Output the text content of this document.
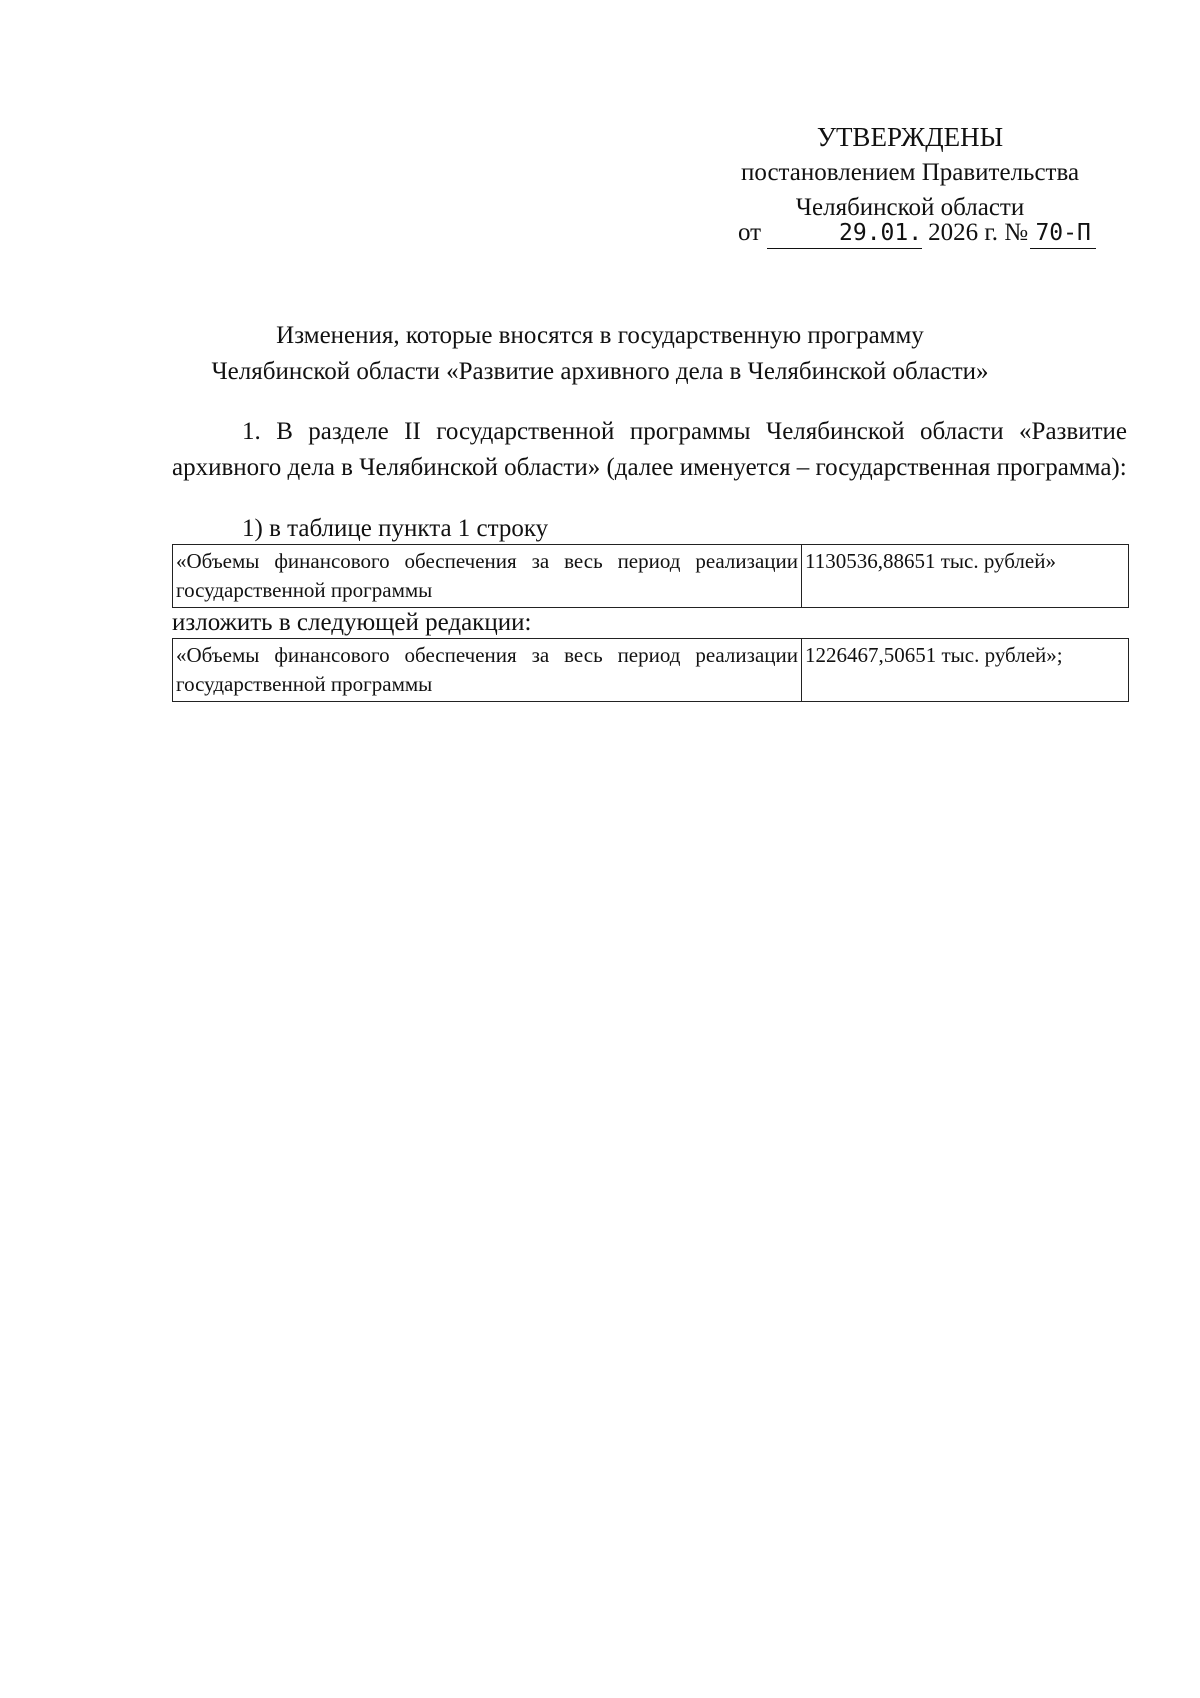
УТВЕРЖДЕНЫ
постановлением Правительства
Челябинской области
от	29.01. 2026 г. № 70-П
Изменения, которые вносятся в государственную программу
Челябинской области «Развитие архивного дела в Челябинской области»

1. В разделе II государственной программы Челябинской области «Развитие архивного дела в Челябинской области» (далее именуется – государственная программа):

1) в таблице пункта 1 строку
«Объемы финансового обеспечения за весь период реализации государственной программы	1130536,88651 тыс. рублей»
изложить в следующей редакции:
«Объемы финансового обеспечения за весь период реализации государственной программы	1226467,50651 тыс. рублей»;
